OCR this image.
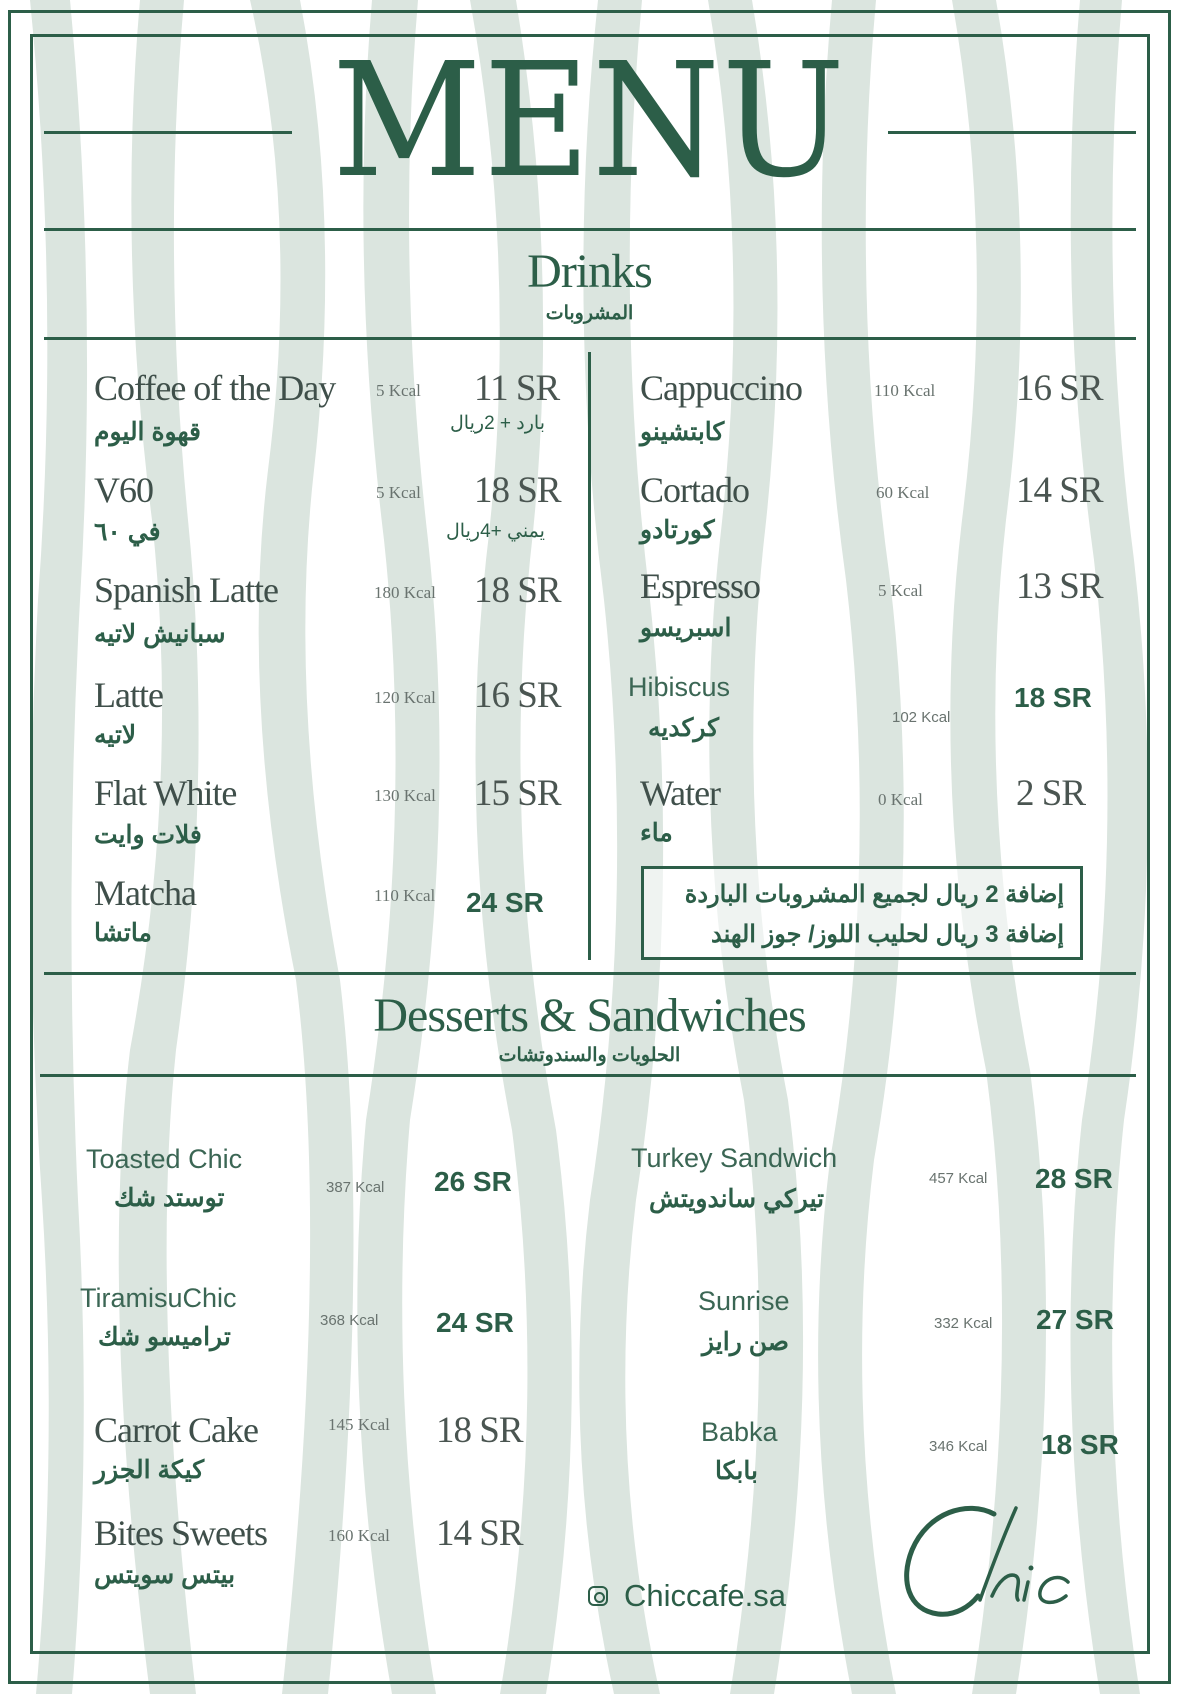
MENU
Drinks
المشروبات
Coffee of the Day
قهوة اليوم
5 Kcal 11 SR
بارد + 2ريال
V60
في ٦٠
5 Kcal 18 SR
يمني +4ريال
Spanish Latte
سبانيش لاتيه
180 Kcal 18 SR
Latte
لاتيه
120 Kcal 16 SR
Flat White
فلات وايت
130 Kcal 15 SR
Matcha
ماتشا
110 Kcal 24 SR
Cappuccino
كابتشينو
110 Kcal 16 SR
Cortado
كورتادو
60 Kcal 14 SR
Espresso
اسبريسو
5 Kcal	13 SR
Hibiscus
كركديه	102 Kcal
18 SR
Water
ماء
0 Kcal	2 SR
إضافة 2 ريال لجميع المشروبات الباردة
إضافة 3 ريال لحليب اللوز/ جوز الهند
Desserts & Sandwiches
الحلويات والسندوتشات
Toasted Chic
توستد شك	387 Kcal 26 SR
TiramisuChic
تراميسو شك
368 Kcal 24 SR
Carrot Cake
كيكة الجزر
145 Kcal 18 SR
Bites Sweets
بيتس سويتس
160 Kcal 14 SR
Turkey Sandwich
تيركي ساندويتش
457 Kcal 28 SR
Sunrise
صن رايز
332 Kcal 27 SR
Babka
بابكا
346 Kcal 18 SR
Chiccafe.sa
